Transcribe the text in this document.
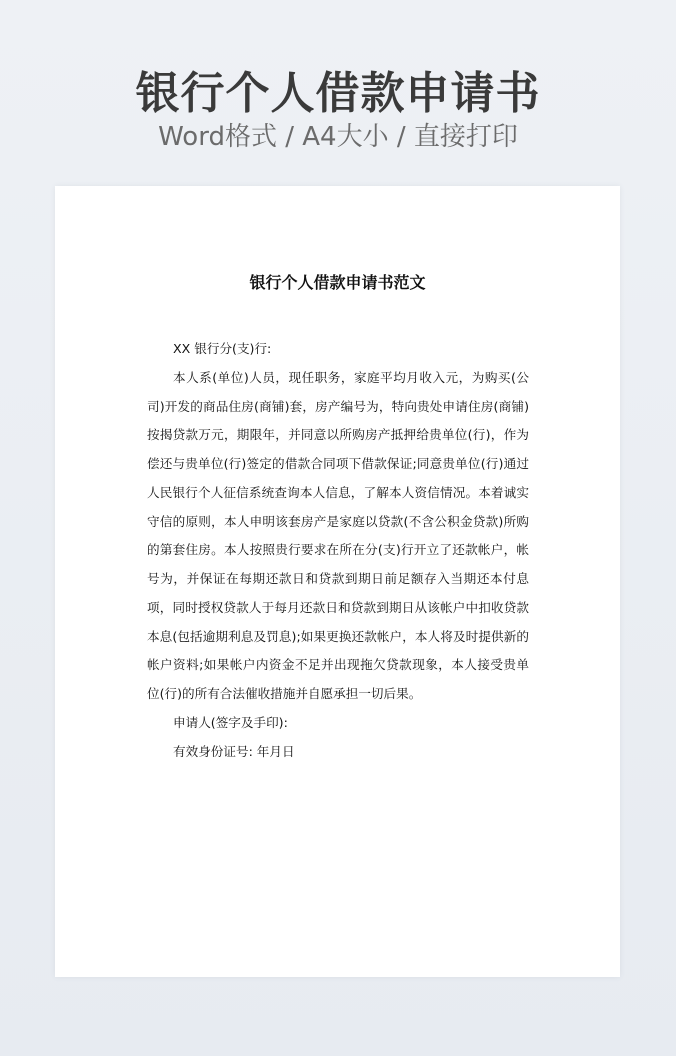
银行个人借款申请书
Word格式 / A4大小 / 直接打印
银行个人借款申请书范文

XX 银行分(支)行:

本人系(单位)人员，现任职务，家庭平均月收入元，为购买(公司)开发的商品住房(商铺)套，房产编号为，特向贵处申请住房(商铺)按揭贷款万元，期限年，并同意以所购房产抵押给贵单位(行)，作为偿还与贵单位(行)签定的借款合同项下借款保证;同意贵单位(行)通过人民银行个人征信系统查询本人信息，了解本人资信情况。本着诚实守信的原则，本人申明该套房产是家庭以贷款(不含公积金贷款)所购的第套住房。本人按照贵行要求在所在分(支)行开立了还款帐户，帐号为，并保证在每期还款日和贷款到期日前足额存入当期还本付息项，同时授权贷款人于每月还款日和贷款到期日从该帐户中扣收贷款本息(包括逾期利息及罚息);如果更换还款帐户，本人将及时提供新的帐户资料;如果帐户内资金不足并出现拖欠贷款现象，本人接受贵单位(行)的所有合法催收措施并自愿承担一切后果。

申请人(签字及手印):

有效身份证号: 年月日
